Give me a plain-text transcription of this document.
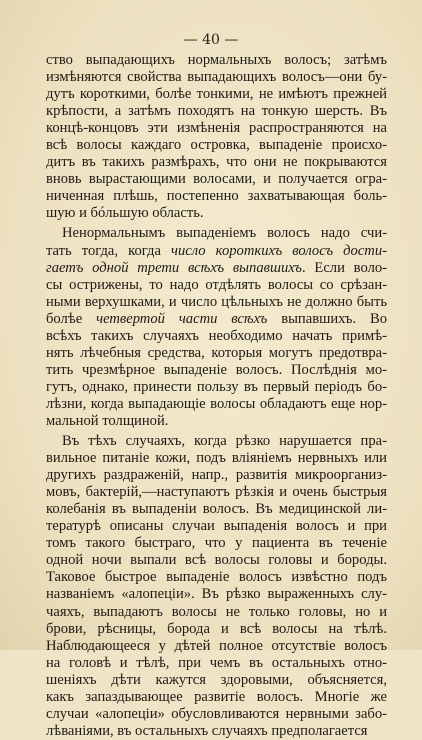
— 40 —
ство выпадающихъ нормальныхъ волосъ; затѣмъ
измѣняются свойства выпадающихъ волосъ—они бу-
дутъ короткими, болѣе тонкими, не имѣютъ прежней
крѣпости, а затѣмъ походятъ на тонкую шерсть. Въ
концѣ-концовъ эти измѣненія распространяются на
всѣ волосы каждаго островка, выпаденіе происхо-
дитъ въ такихъ размѣрахъ, что они не покрываются
вновь вырастающими волосами, и получается огра-
ниченная плѣшь, постепенно захватывающая боль-
шую и бóльшую область.
Ненормальнымъ выпаденіемъ волосъ надо счи-
тать тогда, когда число короткихъ волосъ дости-
гаетъ одной трети всѣхъ выпавшихъ. Если воло-
сы острижены, то надо отдѣлять волосы со срѣзан-
ными верхушками, и число цѣльныхъ не должно быть
болѣе четвертой части всѣхъ выпавшихъ. Во
всѣхъ такихъ случаяхъ необходимо начать примѣ-
нять лѣчебныя средства, которыя могутъ предотвра-
тить чрезмѣрное выпаденіе волосъ. Послѣднія мо-
гутъ, однако, принести пользу въ первый періодъ бо-
лѣзни, когда выпадающіе волосы обладаютъ еще нор-
мальной толщиной.
Въ тѣхъ случаяхъ, когда рѣзко нарушается пра-
вильное питаніе кожи, подъ вліяніемъ нервныхъ или
другихъ раздраженій, напр., развитія микроорганиз-
мовъ, бактерій,—наступаютъ рѣзкія и очень быстрыя
колебанія въ выпаденіи волосъ. Въ медицинской ли-
тературѣ описаны случаи выпаденія волосъ и при
томъ такого быстраго, что у пациента въ теченіе
одной ночи выпали всѣ волосы головы и бороды.
Таковое быстрое выпаденіе волосъ извѣстно подъ
названіемъ «алопеціи». Въ рѣзко выраженныхъ слу-
чаяхъ, выпадаютъ волосы не только головы, но и
брови, рѣсницы, борода и всѣ волосы на тѣлѣ.
Наблюдающееся у дѣтей полное отсутствіе волосъ
на головѣ и тѣлѣ, при чемъ въ остальныхъ отно-
шеніяхъ дѣти кажутся здоровыми, объясняется,
какъ запаздывающее развитіе волосъ. Многіе же
случаи «алопеціи» обусловливаются нервными забо-
лѣваніями, въ остальныхъ случаяхъ предполагается
